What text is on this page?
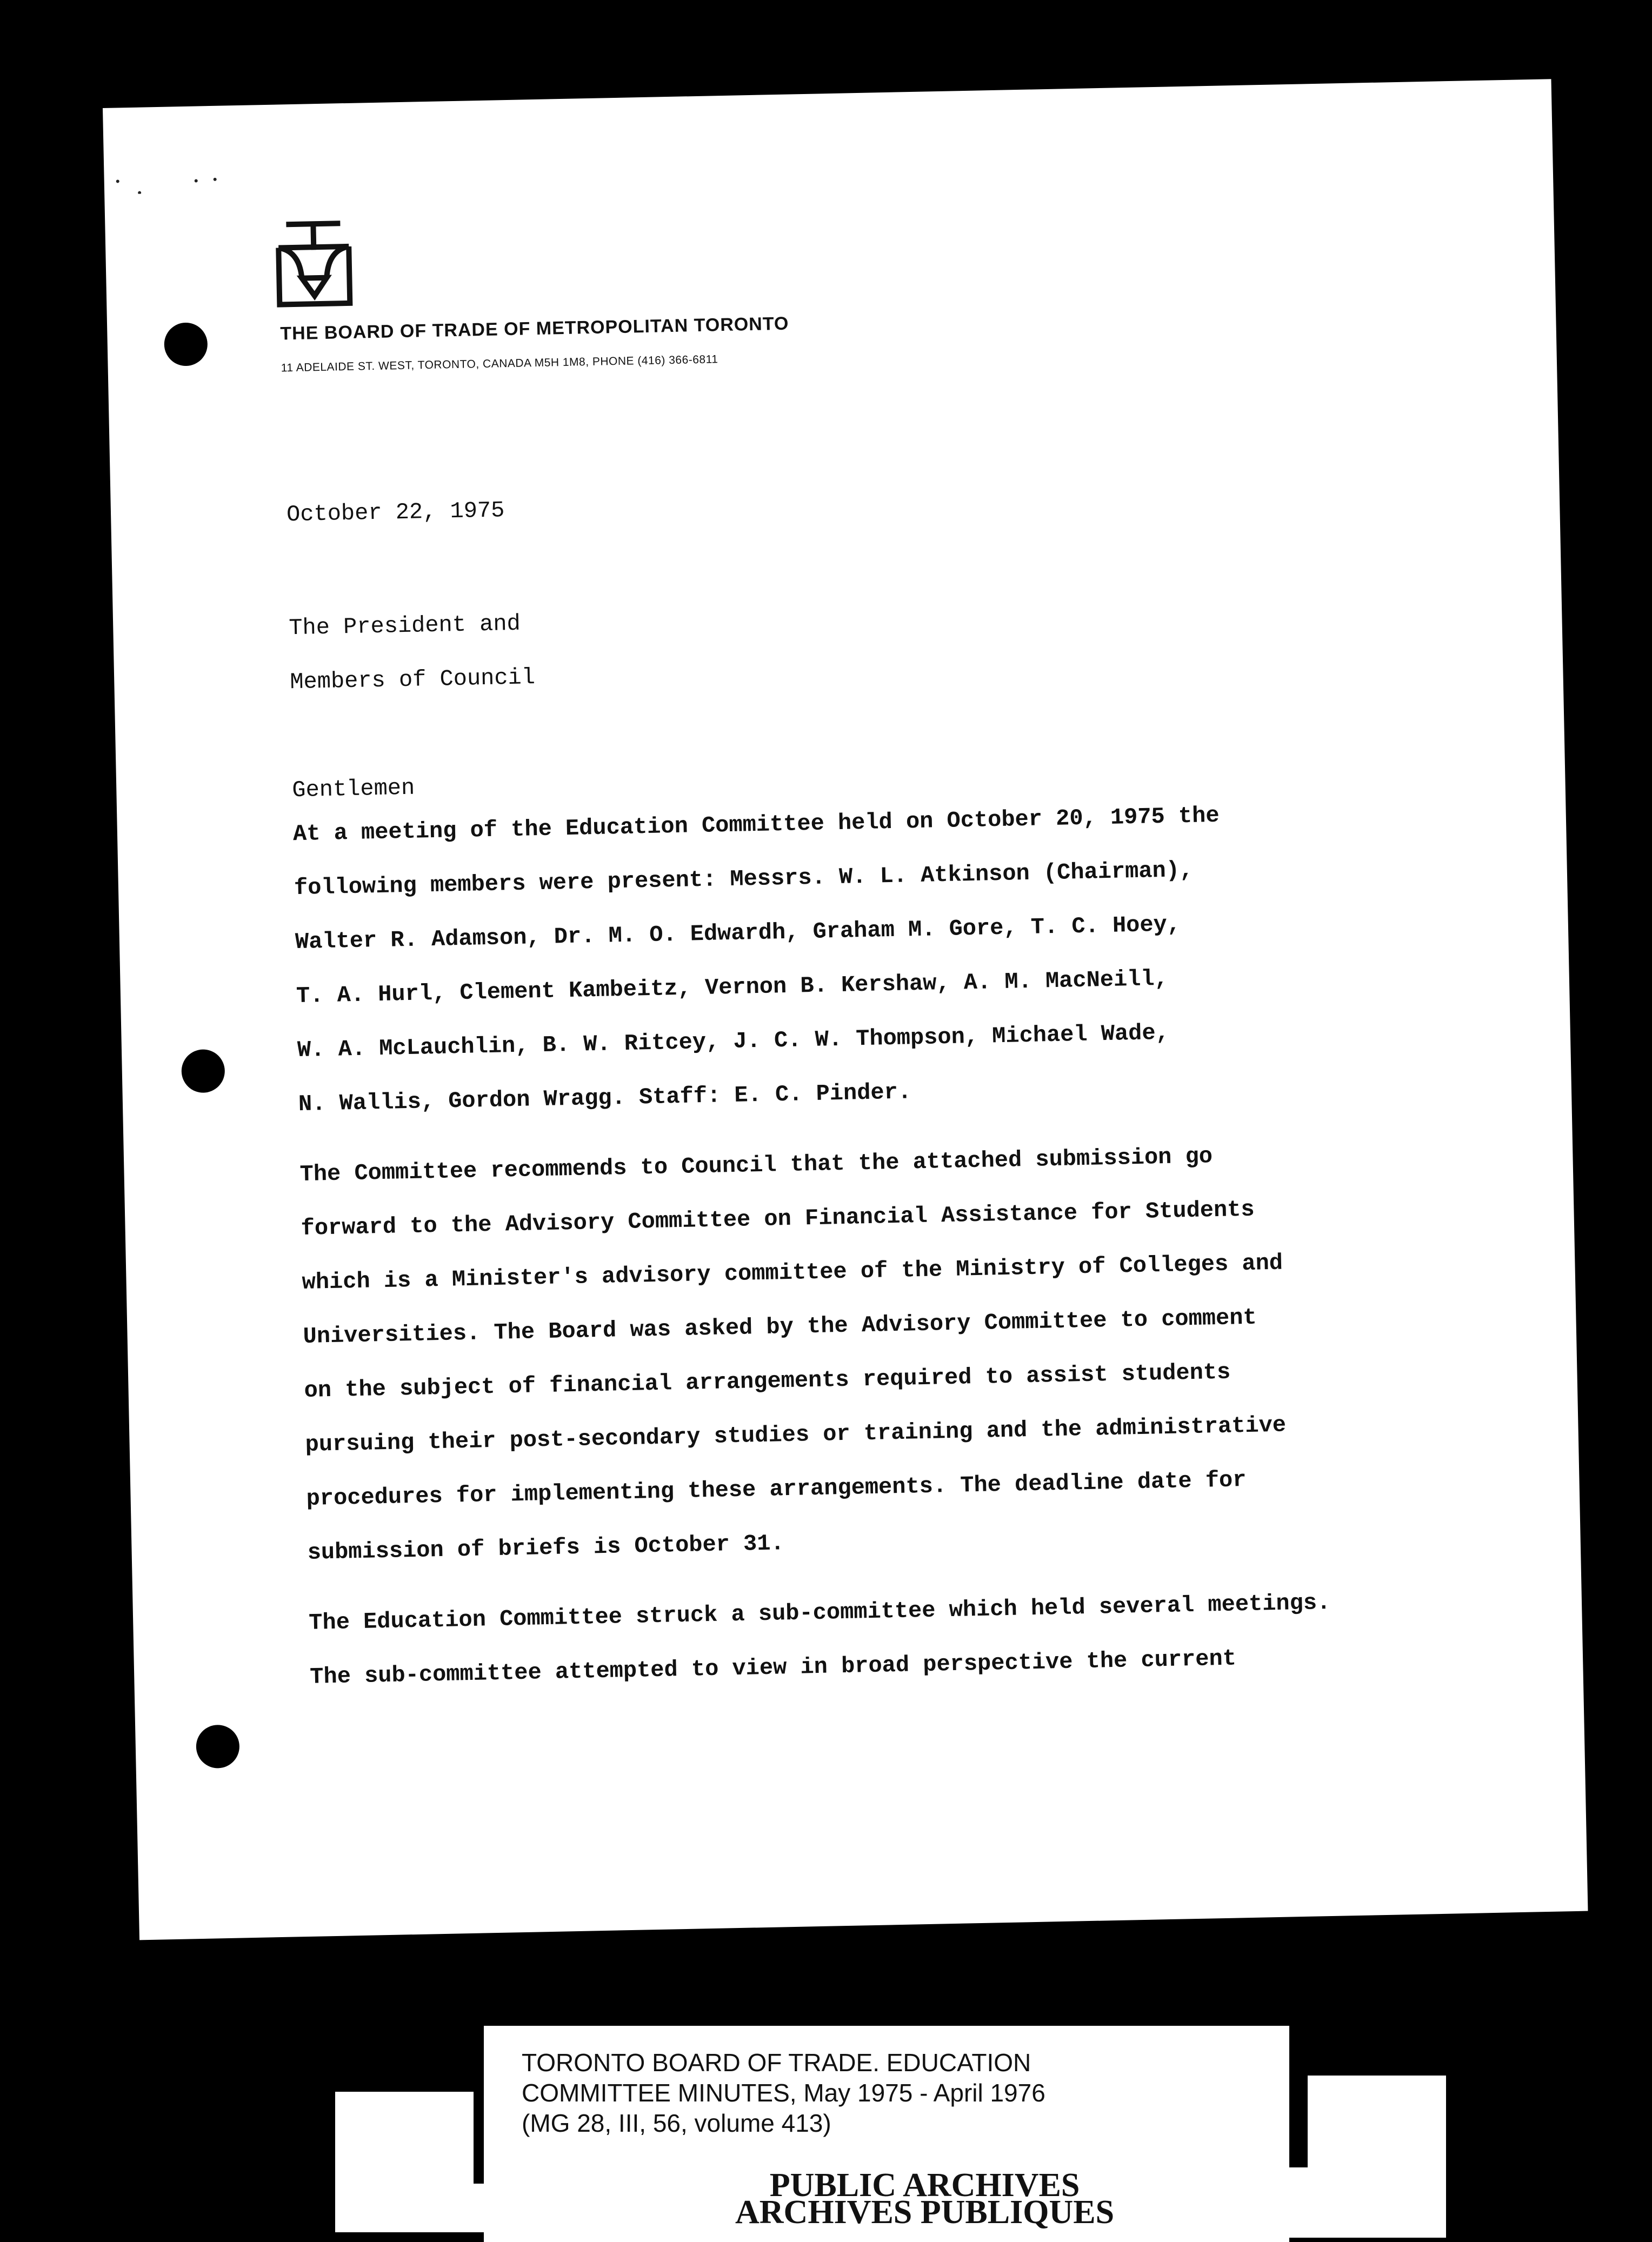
THE BOARD OF TRADE OF METROPOLITAN TORONTO
11 ADELAIDE ST. WEST, TORONTO, CANADA M5H 1M8, PHONE (416) 366-6811
October 22, 1975
The President and
Members of Council
Gentlemen
At a meeting of the Education Committee held on October 20, 1975 the
following members were present: Messrs. W. L. Atkinson (Chairman),
Walter R. Adamson, Dr. M. O. Edwardh, Graham M. Gore, T. C. Hoey,
T. A. Hurl, Clement Kambeitz, Vernon B. Kershaw, A. M. MacNeill,
W. A. McLauchlin, B. W. Ritcey, J. C. W. Thompson, Michael Wade,
N. Wallis, Gordon Wragg. Staff: E. C. Pinder.
The Committee recommends to Council that the attached submission go
forward to the Advisory Committee on Financial Assistance for Students
which is a Minister's advisory committee of the Ministry of Colleges and
Universities. The Board was asked by the Advisory Committee to comment
on the subject of financial arrangements required to assist students
pursuing their post-secondary studies or training and the administrative
procedures for implementing these arrangements. The deadline date for
submission of briefs is October 31.
The Education Committee struck a sub-committee which held several meetings.
The sub-committee attempted to view in broad perspective the current
TORONTO BOARD OF TRADE. EDUCATION
COMMITTEE MINUTES, May 1975 - April 1976
(MG 28, III, 56, volume 413)
PUBLIC ARCHIVES
ARCHIVES PUBLIQUES
